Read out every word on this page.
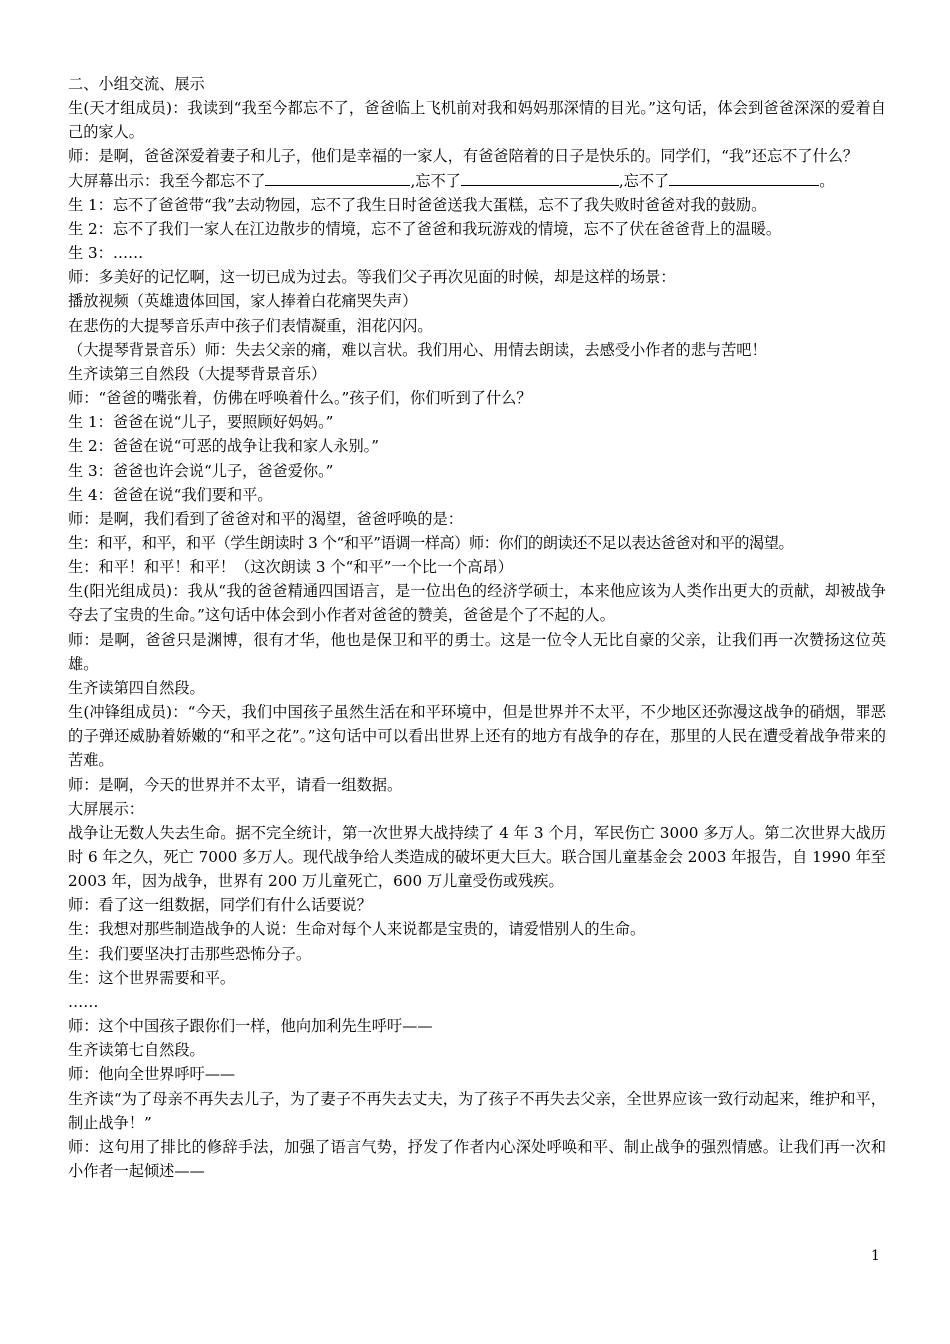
二、小组交流、展示
生(天才组成员)：我读到“我至今都忘不了，爸爸临上飞机前对我和妈妈那深情的目光。”这句话，体会到爸爸深深的爱着自己的家人。
师：是啊，爸爸深爱着妻子和儿子，他们是幸福的一家人，有爸爸陪着的日子是快乐的。同学们，“我”还忘不了什么？
大屏幕出示：我至今都忘不了	,忘不了	,忘不了	。
生 1：忘不了爸爸带“我”去动物园，忘不了我生日时爸爸送我大蛋糕，忘不了我失败时爸爸对我的鼓励。
生 2：忘不了我们一家人在江边散步的情境，忘不了爸爸和我玩游戏的情境，忘不了伏在爸爸背上的温暖。
生 3：……
师：多美好的记忆啊，这一切已成为过去。等我们父子再次见面的时候，却是这样的场景：
播放视频（英雄遗体回国，家人捧着白花痛哭失声）
在悲伤的大提琴音乐声中孩子们表情凝重，泪花闪闪。
（大提琴背景音乐）师：失去父亲的痛，难以言状。我们用心、用情去朗读，去感受小作者的悲与苦吧！
生齐读第三自然段（大提琴背景音乐）
师：“爸爸的嘴张着，仿佛在呼唤着什么。”孩子们，你们听到了什么？
生 1：爸爸在说“儿子，要照顾好妈妈。”
生 2：爸爸在说“可恶的战争让我和家人永别。”
生 3：爸爸也许会说“儿子，爸爸爱你。”
生 4：爸爸在说“我们要和平。
师：是啊，我们看到了爸爸对和平的渴望，爸爸呼唤的是：
生：和平，和平，和平（学生朗读时 3 个“和平”语调一样高）师：你们的朗读还不足以表达爸爸对和平的渴望。
生：和平！和平！和平！（这次朗读 3 个“和平”一个比一个高昂）
生(阳光组成员)：我从“我的爸爸精通四国语言，是一位出色的经济学硕士，本来他应该为人类作出更大的贡献，却被战争夺去了宝贵的生命。”这句话中体会到小作者对爸爸的赞美，爸爸是个了不起的人。
师：是啊，爸爸只是渊博，很有才华，他也是保卫和平的勇士。这是一位令人无比自豪的父亲，让我们再一次赞扬这位英雄。
生齐读第四自然段。
生(冲锋组成员)：“今天，我们中国孩子虽然生活在和平环境中，但是世界并不太平，不少地区还弥漫这战争的硝烟，罪恶的子弹还威胁着娇嫩的“和平之花”。”这句话中可以看出世界上还有的地方有战争的存在，那里的人民在遭受着战争带来的苦难。
师：是啊，今天的世界并不太平，请看一组数据。
大屏展示：
战争让无数人失去生命。据不完全统计，第一次世界大战持续了 4 年 3 个月，军民伤亡 3000 多万人。第二次世界大战历时 6 年之久，死亡 7000 多万人。现代战争给人类造成的破坏更大巨大。联合国儿童基金会 2003 年报告，自 1990 年至 2003 年，因为战争，世界有 200 万儿童死亡，600 万儿童受伤或残疾。
师：看了这一组数据，同学们有什么话要说？
生：我想对那些制造战争的人说：生命对每个人来说都是宝贵的，请爱惜别人的生命。
生：我们要坚决打击那些恐怖分子。
生：这个世界需要和平。
……
师：这个中国孩子跟你们一样，他向加利先生呼吁——
生齐读第七自然段。
师：他向全世界呼吁——
生齐读“为了母亲不再失去儿子，为了妻子不再失去丈夫，为了孩子不再失去父亲，全世界应该一致行动起来，维护和平，制止战争！”
师：这句用了排比的修辞手法，加强了语言气势，抒发了作者内心深处呼唤和平、制止战争的强烈情感。让我们再一次和小作者一起倾述——
1
